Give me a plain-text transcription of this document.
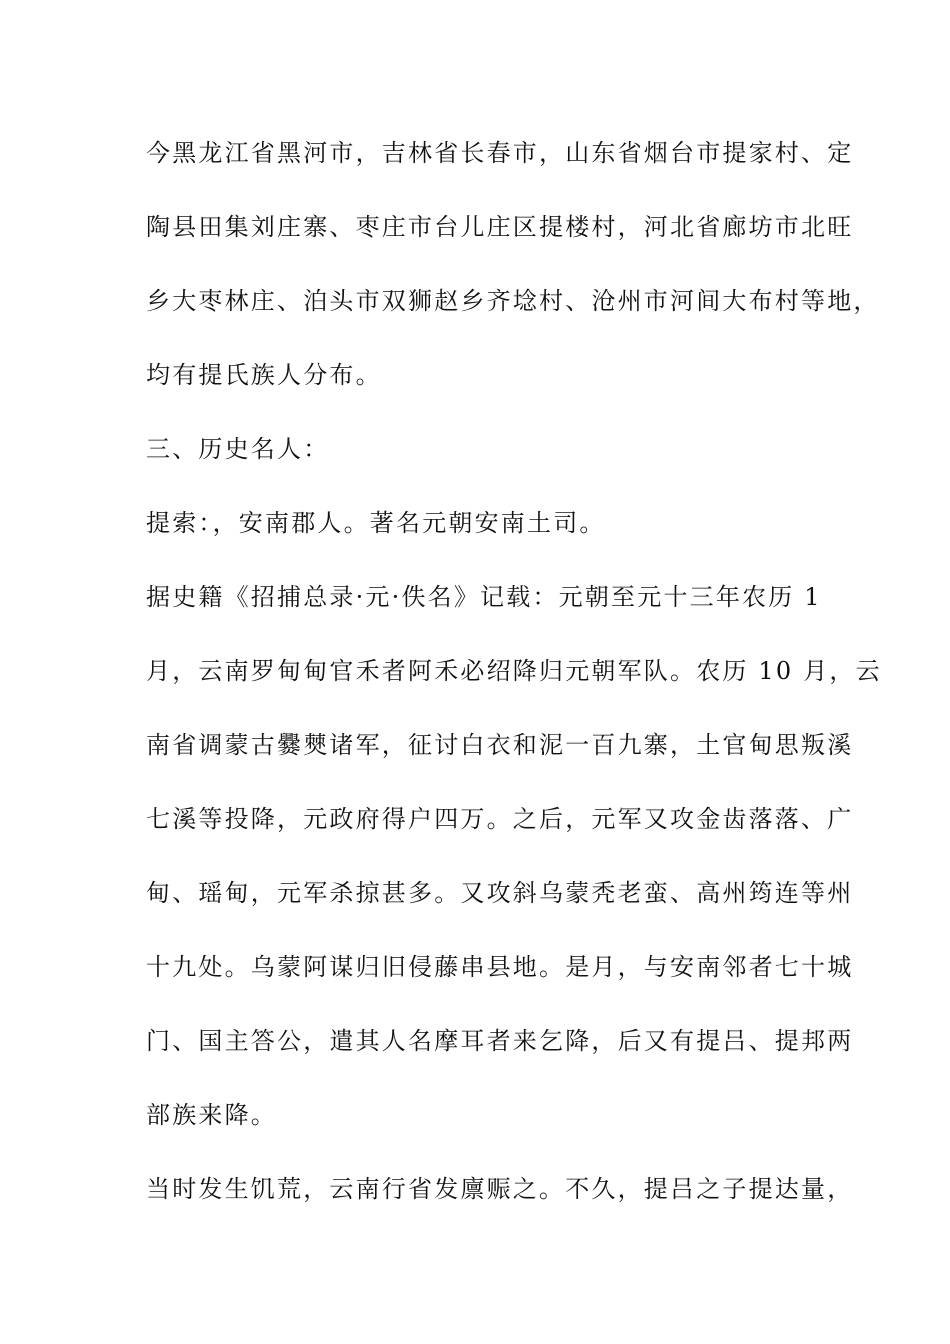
今黑龙江省黑河市，吉林省长春市，山东省烟台市提家村、定
陶县田集刘庄寨、枣庄市台儿庄区提楼村，河北省廊坊市北旺
乡大枣林庄、泊头市双狮赵乡齐埝村、沧州市河间大布村等地，
均有提氏族人分布。
三、历史名人：
提索：，安南郡人。著名元朝安南土司。
据史籍《招捕总录·元·佚名》记载：元朝至元十三年农历 1
月，云南罗甸甸官禾者阿禾必绍降归元朝军队。农历 10 月，云
南省调蒙古爨僰诸军，征讨白衣和泥一百九寨，土官甸思叛溪
七溪等投降，元政府得户四万。之后，元军又攻金齿落落、广
甸、瑶甸，元军杀掠甚多。又攻斜乌蒙秃老蛮、高州筠连等州
十九处。乌蒙阿谋归旧侵藤串县地。是月，与安南邻者七十城
门、国主答公，遣其人名摩耳者来乞降，后又有提吕、提邦两
部族来降。
当时发生饥荒，云南行省发廪赈之。不久，提吕之子提达量，
